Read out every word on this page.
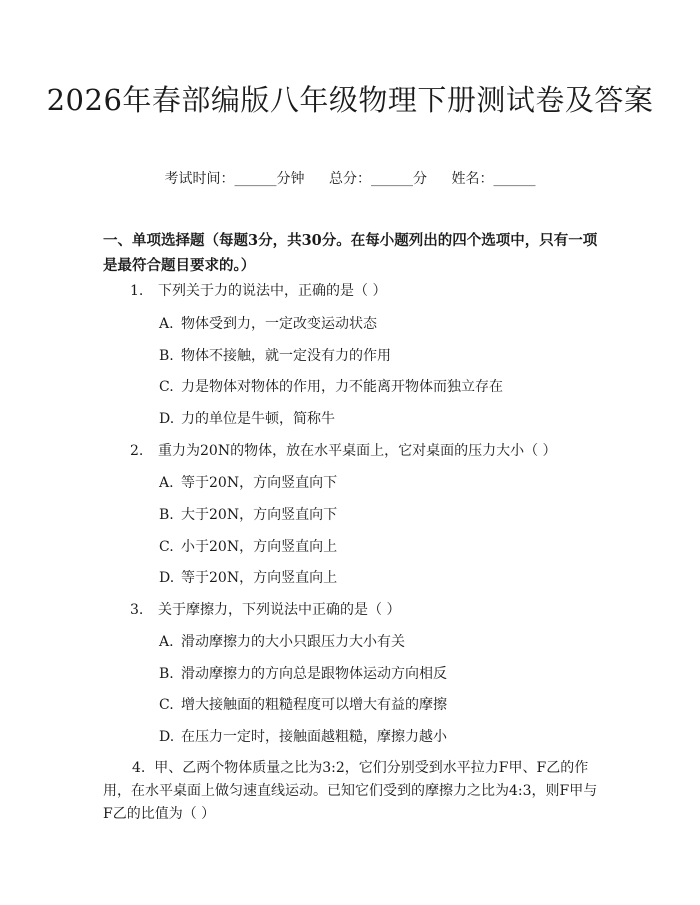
2026年春部编版八年级物理下册测试卷及答案
考试时间：______分钟 总分：______分 姓名：______

一、单项选择题（每题3分，共30分。在每小题列出的四个选项中，只有一项是最符合题目要求的。）

1. 下列关于力的说法中，正确的是（ ）
A. 物体受到力，一定改变运动状态
B. 物体不接触，就一定没有力的作用
C. 力是物体对物体的作用，力不能离开物体而独立存在
D. 力的单位是牛顿，简称牛
2. 重力为20N的物体，放在水平桌面上，它对桌面的压力大小（ ）
A. 等于20N，方向竖直向下
B. 大于20N，方向竖直向下
C. 小于20N，方向竖直向上
D. 等于20N，方向竖直向上
3. 关于摩擦力，下列说法中正确的是（ ）
A. 滑动摩擦力的大小只跟压力大小有关
B. 滑动摩擦力的方向总是跟物体运动方向相反
C. 增大接触面的粗糙程度可以增大有益的摩擦
D. 在压力一定时，接触面越粗糙，摩擦力越小

4. 甲、乙两个物体质量之比为3:2，它们分别受到水平拉力F甲、F乙的作用，在水平桌面上做匀速直线运动。已知它们受到的摩擦力之比为4:3，则F甲与F乙的比值为（ ）
